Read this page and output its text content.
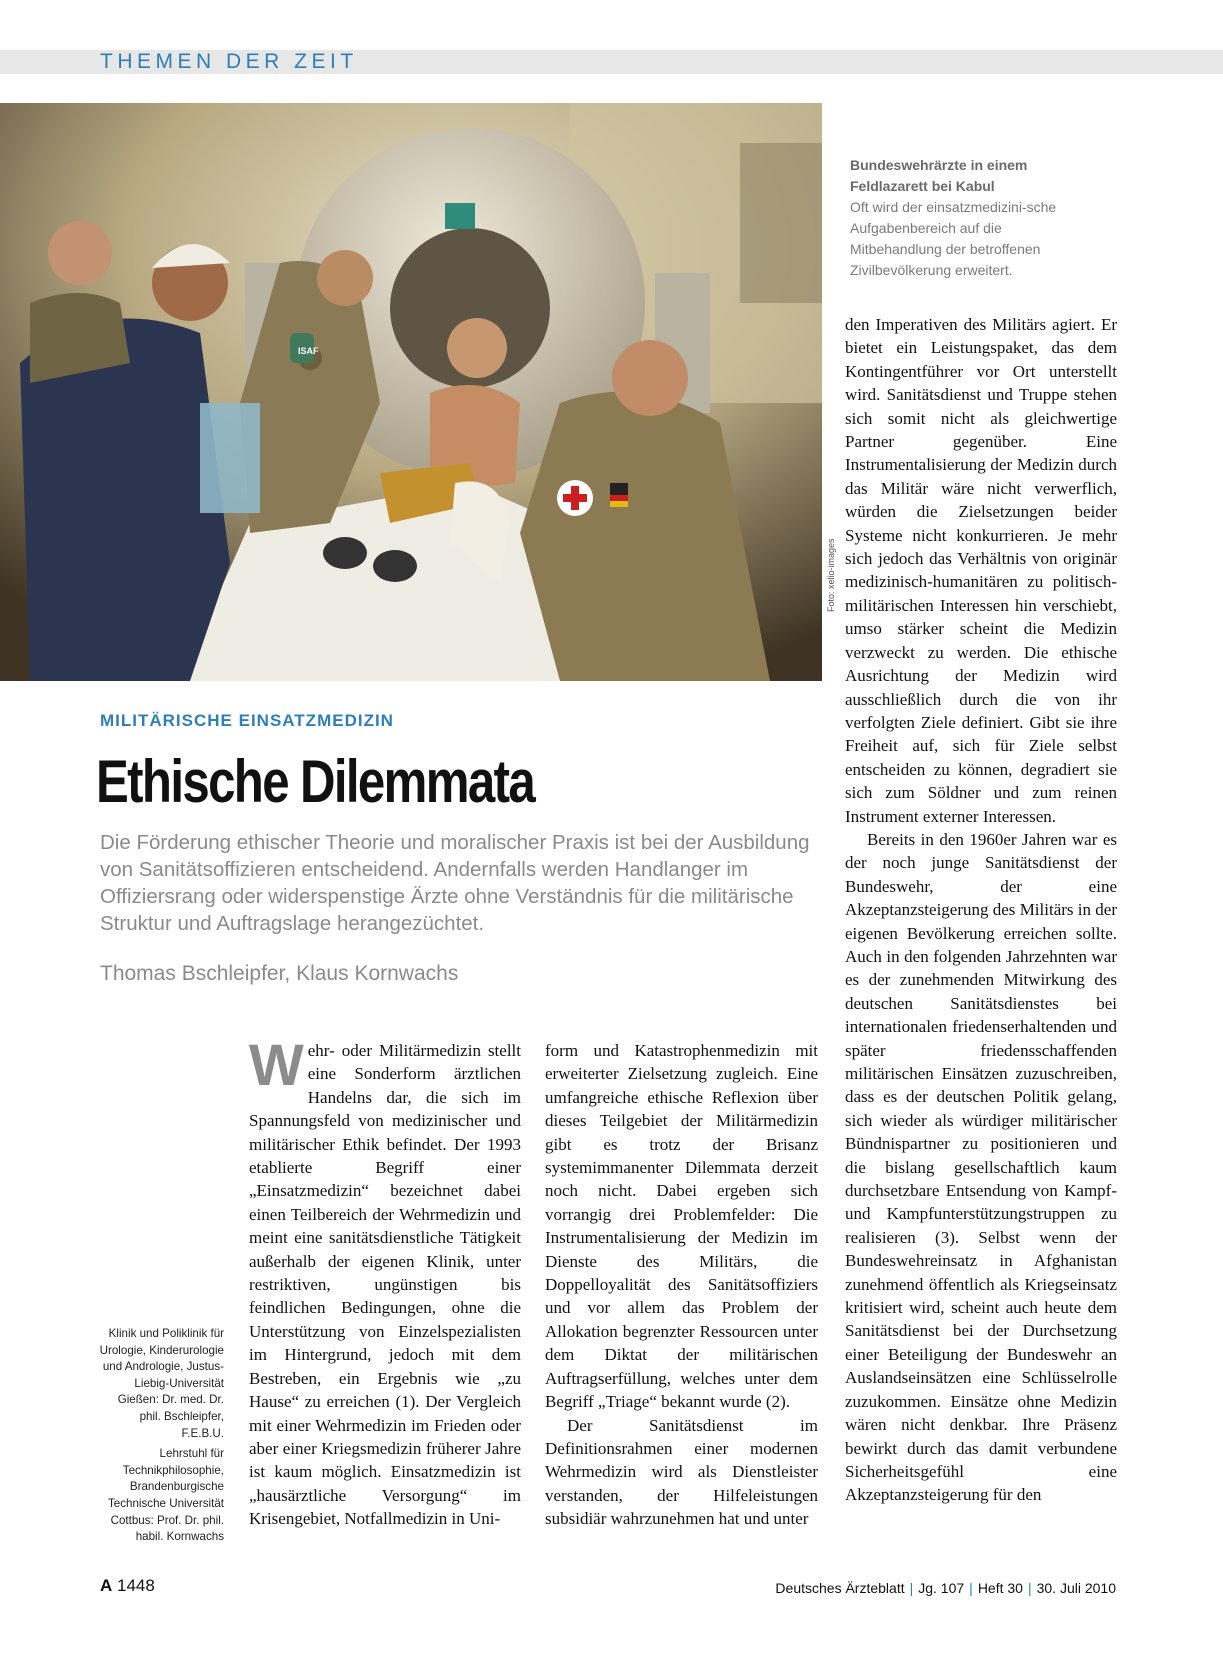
THEMEN DER ZEIT
ISAF
Foto: xelio-images
Bundeswehrärzte in einem Feldlazarett bei Kabul
Oft wird der einsatzmedizini-sche Aufgabenbereich auf die Mitbehandlung der betroffenen Zivilbevölkerung erweitert.
MILITÄRISCHE EINSATZMEDIZIN
Ethische Dilemmata
Die Förderung ethischer Theorie und moralischer Praxis ist bei der Ausbildung von Sanitätsoffizieren entscheidend. Andernfalls werden Handlanger im Offiziersrang oder widerspenstige Ärzte ohne Verständnis für die militärische Struktur und Auftragslage herangezüchtet.
Thomas Bschleipfer, Klaus Kornwachs

Wehr- oder Militärmedizin stellt eine Sonderform ärztlichen Handelns dar, die sich im Spannungsfeld von medizinischer und militärischer Ethik befindet. Der 1993 etablierte Begriff einer „Einsatzmedizin“ bezeichnet dabei einen Teilbereich der Wehrmedizin und meint eine sanitätsdienstliche Tätigkeit außerhalb der eigenen Klinik, unter restriktiven, ungünstigen bis feindlichen Bedingungen, ohne die Unterstützung von Einzelspezialisten im Hintergrund, jedoch mit dem Bestreben, ein Ergebnis wie „zu Hause“ zu erreichen (1). Der Vergleich mit einer Wehrmedizin im Frieden oder aber einer Kriegsmedizin früherer Jahre ist kaum möglich. Einsatzmedizin ist „hausärztliche Versorgung“ im Krisengebiet, Notfallmedizin in Uni-

form und Katastrophenmedizin mit erweiterter Zielsetzung zugleich. Eine umfangreiche ethische Reflexion über dieses Teilgebiet der Militärmedizin gibt es trotz der Brisanz systemimmanenter Dilemmata derzeit noch nicht. Dabei ergeben sich vorrangig drei Problemfelder: Die Instrumentalisierung der Medizin im Dienste des Militärs, die Doppelloyalität des Sanitätsoffiziers und vor allem das Problem der Allokation begrenzter Ressourcen unter dem Diktat der militärischen Auftragserfüllung, welches unter dem Begriff „Triage“ bekannt wurde (2).

Der Sanitätsdienst im Definitionsrahmen einer modernen Wehrmedizin wird als Dienstleister verstanden, der Hilfeleistungen subsidiär wahrzunehmen hat und unter

den Imperativen des Militärs agiert. Er bietet ein Leistungspaket, das dem Kontingentführer vor Ort unterstellt wird. Sanitätsdienst und Truppe stehen sich somit nicht als gleichwertige Partner gegenüber. Eine Instrumentalisierung der Medizin durch das Militär wäre nicht verwerflich, würden die Zielsetzungen beider Systeme nicht konkurrieren. Je mehr sich jedoch das Verhältnis von originär medizinisch-humanitären zu politisch-militärischen Interessen hin verschiebt, umso stärker scheint die Medizin verzweckt zu werden. Die ethische Ausrichtung der Medizin wird ausschließlich durch die von ihr verfolgten Ziele definiert. Gibt sie ihre Freiheit auf, sich für Ziele selbst entscheiden zu können, degradiert sie sich zum Söldner und zum reinen Instrument externer Interessen.

Bereits in den 1960er Jahren war es der noch junge Sanitätsdienst der Bundeswehr, der eine Akzeptanzsteigerung des Militärs in der eigenen Bevölkerung erreichen sollte. Auch in den folgenden Jahrzehnten war es der zunehmenden Mitwirkung des deutschen Sanitätsdienstes bei internationalen friedenserhaltenden und später friedensschaffenden militärischen Einsätzen zuzuschreiben, dass es der deutschen Politik gelang, sich wieder als würdiger militärischer Bündnispartner zu positionieren und die bislang gesellschaftlich kaum durchsetzbare Entsendung von Kampf- und Kampfunterstützungstruppen zu realisieren (3). Selbst wenn der Bundeswehreinsatz in Afghanistan zunehmend öffentlich als Kriegseinsatz kritisiert wird, scheint auch heute dem Sanitätsdienst bei der Durchsetzung einer Beteiligung der Bundeswehr an Auslandseinsätzen eine Schlüsselrolle zuzukommen. Einsätze ohne Medizin wären nicht denkbar. Ihre Präsenz bewirkt durch das damit verbundene Sicherheitsgefühl eine Akzeptanzsteigerung für den

Klinik und Poliklinik für Urologie, Kinderurologie und Andrologie, Justus-Liebig-Universität Gießen: Dr. med. Dr. phil. Bschleipfer, F.E.B.U.

Lehrstuhl für Technikphilosophie, Brandenburgische Technische Universität Cottbus: Prof. Dr. phil. habil. Kornwachs

A 1448	Deutsches Ärzteblatt | Jg. 107 | Heft 30 | 30. Juli 2010
